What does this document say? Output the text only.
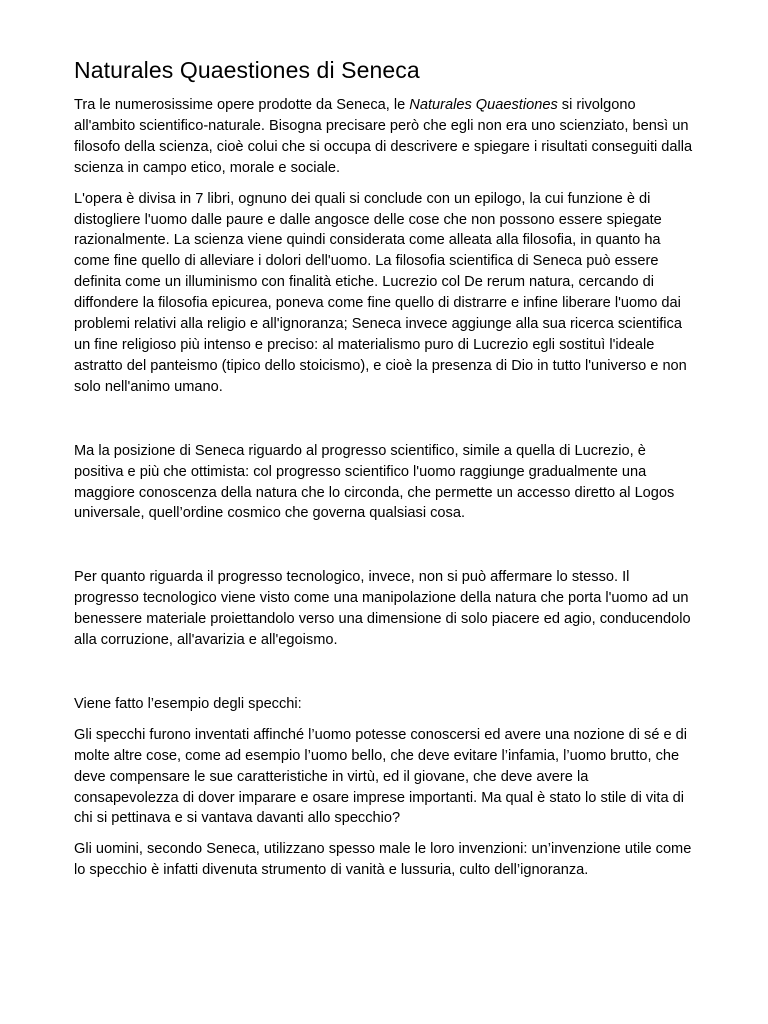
Naturales Quaestiones di Seneca

Tra le numerosissime opere prodotte da Seneca, le Naturales Quaestiones si rivolgono all'ambito scientifico-naturale. Bisogna precisare però che egli non era uno scienziato, bensì un filosofo della scienza, cioè colui che si occupa di descrivere e spiegare i risultati conseguiti dalla scienza in campo etico, morale e sociale.

L'opera è divisa in 7 libri, ognuno dei quali si conclude con un epilogo, la cui funzione è di distogliere l'uomo dalle paure e dalle angosce delle cose che non possono essere spiegate razionalmente. La scienza viene quindi considerata come alleata alla filosofia, in quanto ha come fine quello di alleviare i dolori dell'uomo. La filosofia scientifica di Seneca può essere definita come un illuminismo con finalità etiche. Lucrezio col De rerum natura, cercando di diffondere la filosofia epicurea, poneva come fine quello di distrarre e infine liberare l'uomo dai problemi relativi alla religio e all'ignoranza; Seneca invece aggiunge alla sua ricerca scientifica un fine religioso più intenso e preciso: al materialismo puro di Lucrezio egli sostituì l'ideale astratto del panteismo (tipico dello stoicismo), e cioè la presenza di Dio in tutto l'universo e non solo nell'animo umano.

Ma la posizione di Seneca riguardo al progresso scientifico, simile a quella di Lucrezio, è positiva e più che ottimista: col progresso scientifico l'uomo raggiunge gradualmente una maggiore conoscenza della natura che lo circonda, che permette un accesso diretto al Logos universale, quell’ordine cosmico che governa qualsiasi cosa.

Per quanto riguarda il progresso tecnologico, invece, non si può affermare lo stesso. Il progresso tecnologico viene visto come una manipolazione della natura che porta l'uomo ad un benessere materiale proiettandolo verso una dimensione di solo piacere ed agio, conducendolo alla corruzione, all'avarizia e all'egoismo.

Viene fatto l’esempio degli specchi:

Gli specchi furono inventati affinché l’uomo potesse conoscersi ed avere una nozione di sé e di molte altre cose, come ad esempio l’uomo bello, che deve evitare l’infamia, l’uomo brutto, che deve compensare le sue caratteristiche in virtù, ed il giovane, che deve avere la consapevolezza di dover imparare e osare imprese importanti. Ma qual è stato lo stile di vita di chi si pettinava e si vantava davanti allo specchio?

Gli uomini, secondo Seneca, utilizzano spesso male le loro invenzioni: un’invenzione utile come lo specchio è infatti divenuta strumento di vanità e lussuria, culto dell’ignoranza.
